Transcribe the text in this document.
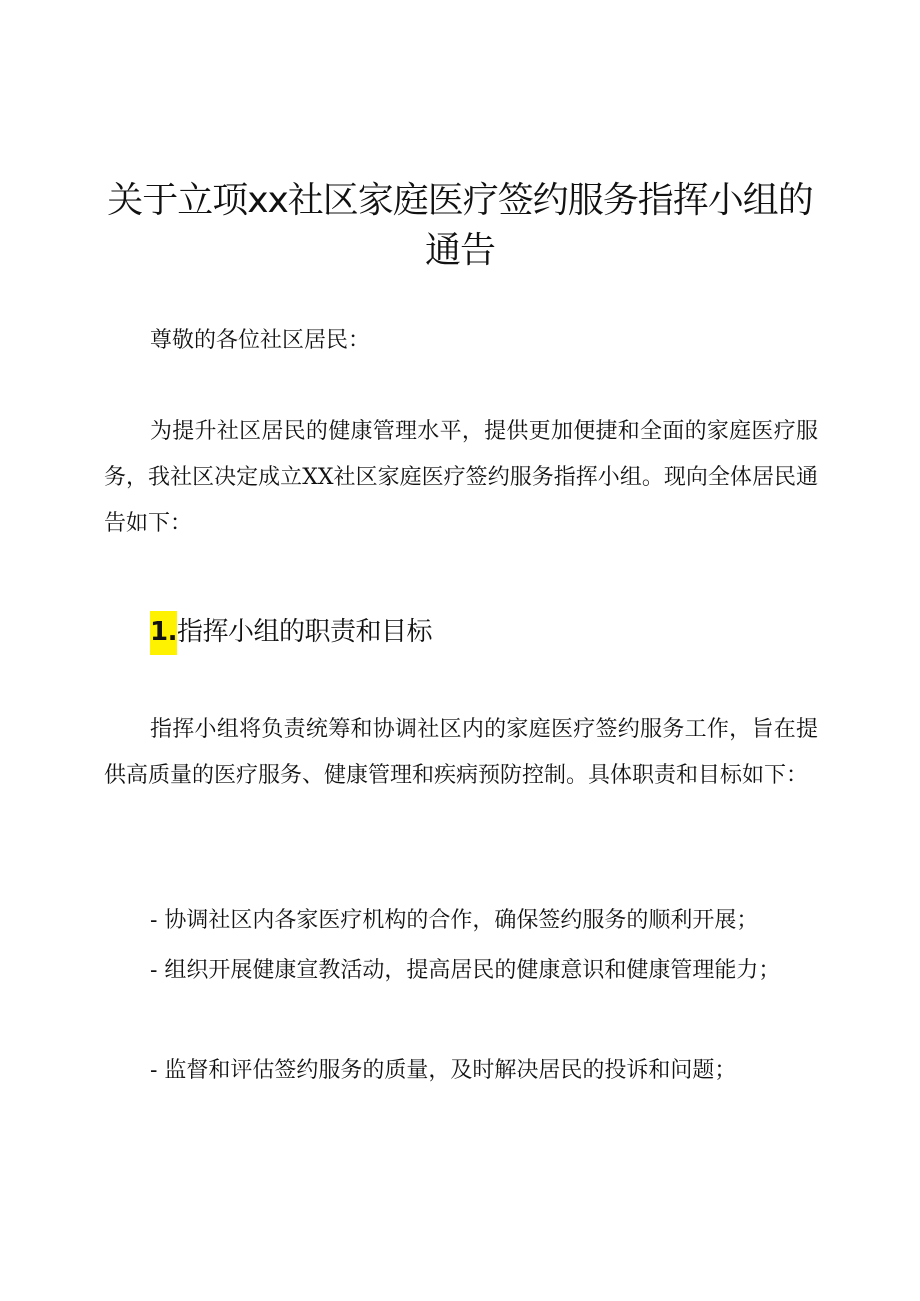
关于立项xx社区家庭医疗签约服务指挥小组的通告

尊敬的各位社区居民：

为提升社区居民的健康管理水平，提供更加便捷和全面的家庭医疗服务，我社区决定成立XX社区家庭医疗签约服务指挥小组。现向全体居民通告如下：

1.指挥小组的职责和目标

指挥小组将负责统筹和协调社区内的家庭医疗签约服务工作，旨在提供高质量的医疗服务、健康管理和疾病预防控制。具体职责和目标如下：

- 协调社区内各家医疗机构的合作，确保签约服务的顺利开展；

- 组织开展健康宣教活动，提高居民的健康意识和健康管理能力；

- 监督和评估签约服务的质量，及时解决居民的投诉和问题；
